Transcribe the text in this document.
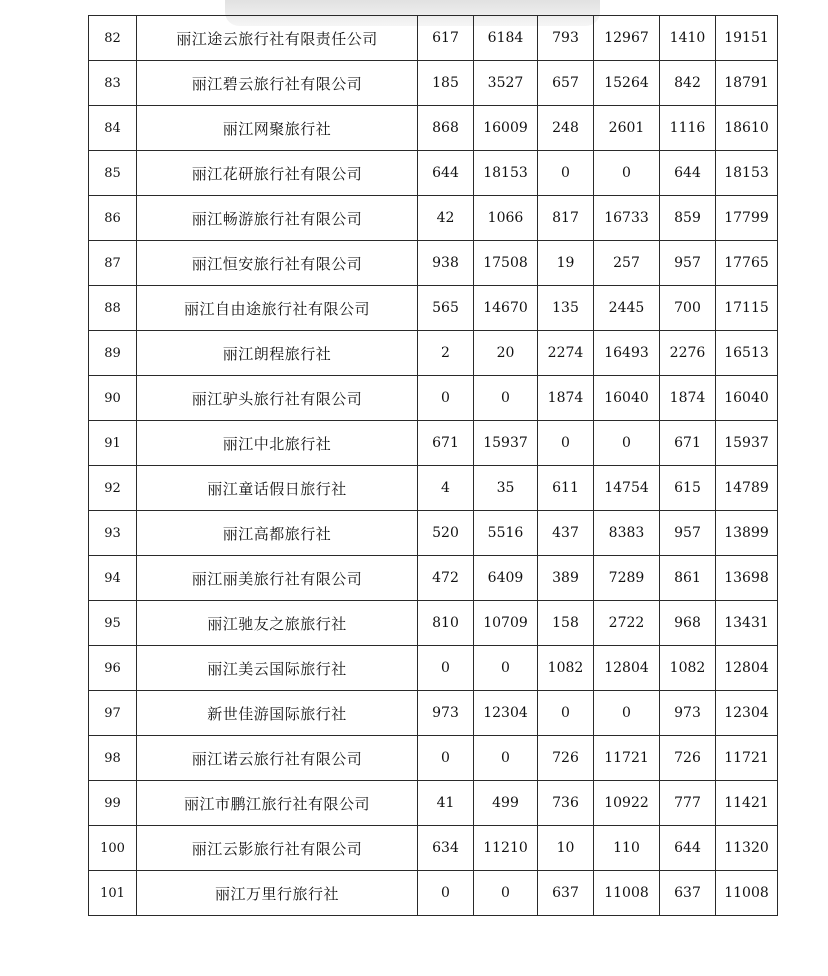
82	丽江途云旅行社有限责任公司	617	6184	793	12967	1410	19151
83	丽江碧云旅行社有限公司	185	3527	657	15264	842	18791
84	丽江网聚旅行社	868	16009	248	2601	1116	18610
85	丽江花研旅行社有限公司	644	18153	0	0	644	18153
86	丽江畅游旅行社有限公司	42	1066	817	16733	859	17799
87	丽江恒安旅行社有限公司	938	17508	19	257	957	17765
88	丽江自由途旅行社有限公司	565	14670	135	2445	700	17115
89	丽江朗程旅行社	2	20	2274	16493	2276	16513
90	丽江驴头旅行社有限公司	0	0	1874	16040	1874	16040
91	丽江中北旅行社	671	15937	0	0	671	15937
92	丽江童话假日旅行社	4	35	611	14754	615	14789
93	丽江高都旅行社	520	5516	437	8383	957	13899
94	丽江丽美旅行社有限公司	472	6409	389	7289	861	13698
95	丽江驰友之旅旅行社	810	10709	158	2722	968	13431
96	丽江美云国际旅行社	0	0	1082	12804	1082	12804
97	新世佳游国际旅行社	973	12304	0	0	973	12304
98	丽江诺云旅行社有限公司	0	0	726	11721	726	11721
99	丽江市鹏江旅行社有限公司	41	499	736	10922	777	11421
100	丽江云影旅行社有限公司	634	11210	10	110	644	11320
101	丽江万里行旅行社	0	0	637	11008	637	11008
